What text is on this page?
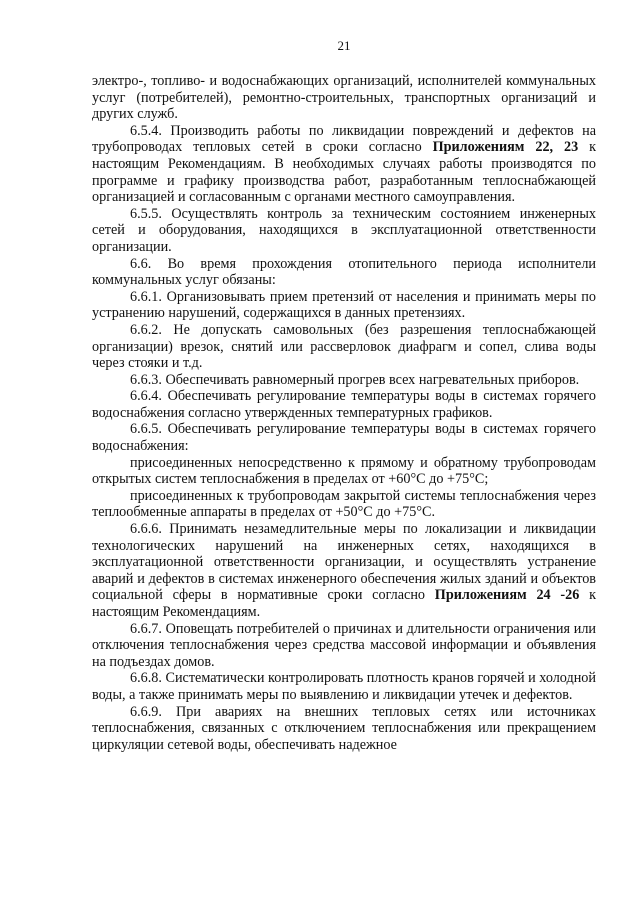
21

электро-, топливо- и водоснабжающих организаций, исполнителей коммунальных услуг (потребителей), ремонтно-строительных, транспортных организаций и других служб.

6.5.4. Производить работы по ликвидации повреждений и дефектов на трубопроводах тепловых сетей в сроки согласно Приложениям 22, 23 к настоящим Рекомендациям. В необходимых случаях работы производятся по программе и графику производства работ, разработанным теплоснабжающей организацией и согласованным с органами местного самоуправления.

6.5.5. Осуществлять контроль за техническим состоянием инженерных сетей и оборудования, находящихся в эксплуатационной ответственности организации.

6.6. Во время прохождения отопительного периода исполнители коммунальных услуг обязаны:

6.6.1. Организовывать прием претензий от населения и принимать меры по устранению нарушений, содержащихся в данных претензиях.

6.6.2. Не допускать самовольных (без разрешения теплоснабжающей организации) врезок, снятий или рассверловок диафрагм и сопел, слива воды через стояки и т.д.

6.6.3. Обеспечивать равномерный прогрев всех нагревательных приборов.

6.6.4. Обеспечивать регулирование температуры воды в системах горячего водоснабжения согласно утвержденных температурных графиков.

6.6.5. Обеспечивать регулирование температуры воды в системах горячего водоснабжения:

присоединенных непосредственно к прямому и обратному трубопроводам открытых систем теплоснабжения в пределах от +60°С до +75°С;

присоединенных к трубопроводам закрытой системы теплоснабжения через теплообменные аппараты в пределах от +50°С до +75°С.

6.6.6. Принимать незамедлительные меры по локализации и ликвидации технологических нарушений на инженерных сетях, находящихся в эксплуатационной ответственности организации, и осуществлять устранение аварий и дефектов в системах инженерного обеспечения жилых зданий и объектов социальной сферы в нормативные сроки согласно Приложениям 24 -26 к настоящим Рекомендациям.

6.6.7. Оповещать потребителей о причинах и длительности ограничения или отключения теплоснабжения через средства массовой информации и объявления на подъездах домов.

6.6.8. Систематически контролировать плотность кранов горячей и холодной воды, а также принимать меры по выявлению и ликвидации утечек и дефектов.

6.6.9. При авариях на внешних тепловых сетях или источниках теплоснабжения, связанных с отключением теплоснабжения или прекращением циркуляции сетевой воды, обеспечивать надежное
